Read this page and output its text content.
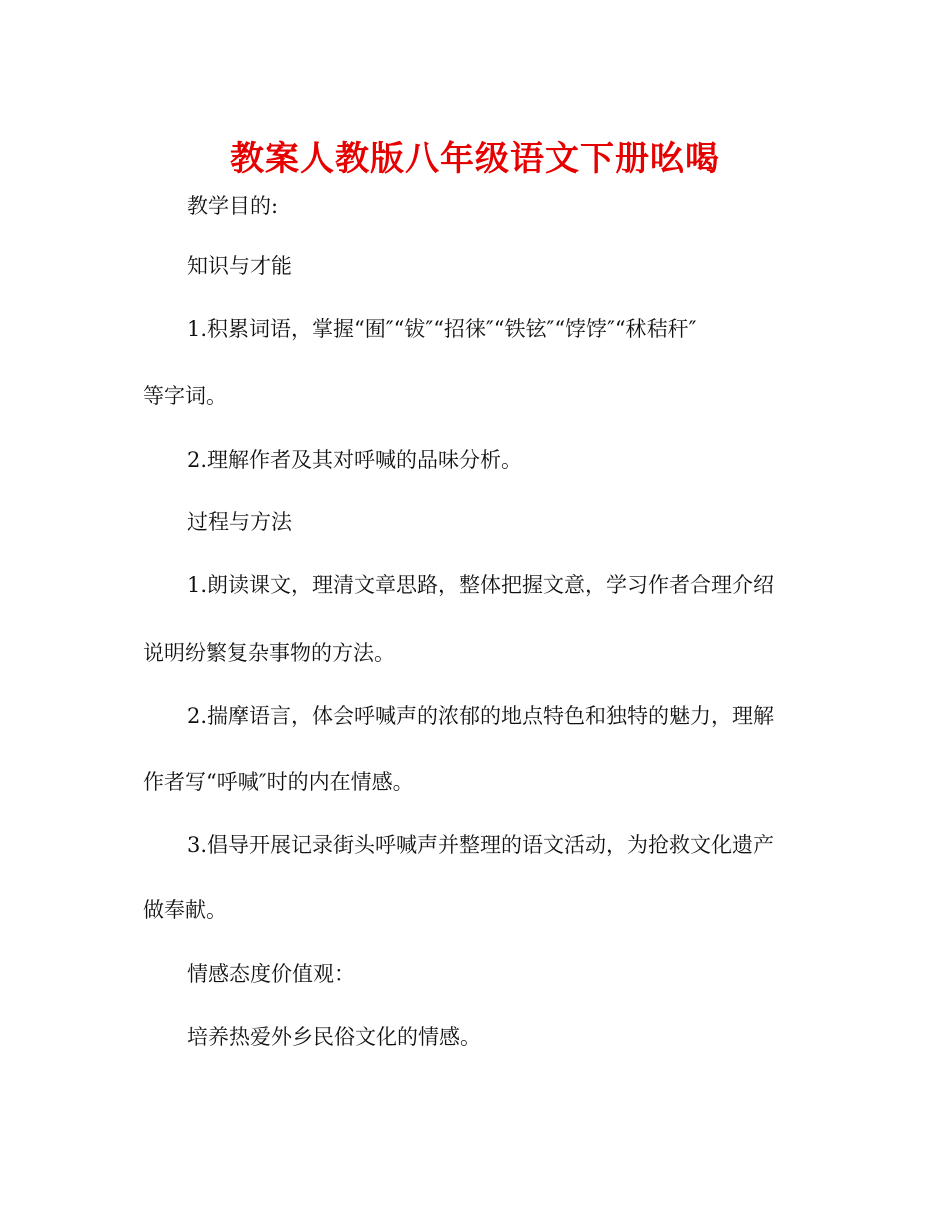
教案人教版八年级语文下册吆喝
教学目的:
知识与才能
1.积累词语，掌握“囿″“钹″“招徕″“铁铉″“饽饽″“秫秸秆″
等字词。
2.理解作者及其对呼喊的品味分析。
过程与方法
1.朗读课文，理清文章思路，整体把握文意，学习作者合理介绍
说明纷繁复杂事物的方法。
2.揣摩语言，体会呼喊声的浓郁的地点特色和独特的魅力，理解
作者写“呼喊″时的内在情感。
3.倡导开展记录街头呼喊声并整理的语文活动，为抢救文化遗产
做奉献。
情感态度价值观：
培养热爱外乡民俗文化的情感。
